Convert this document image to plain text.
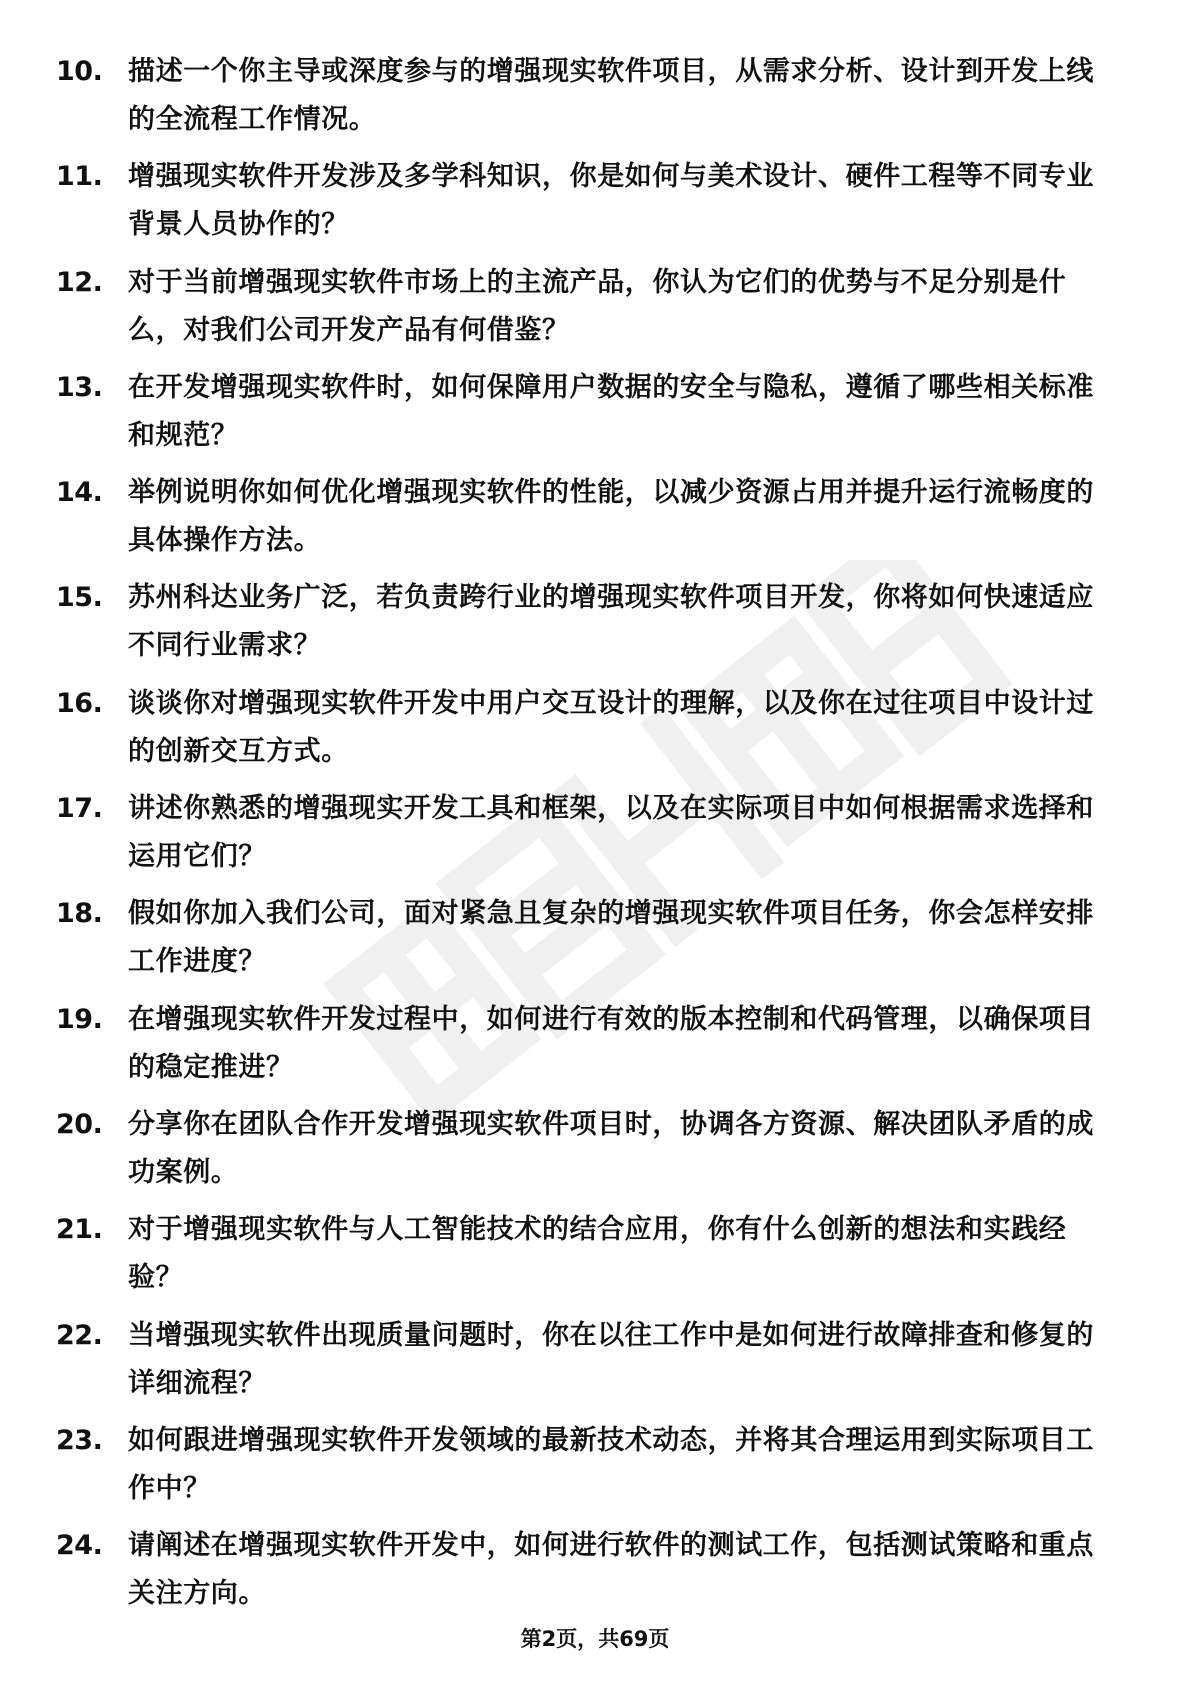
10. 描述一个你主导或深度参与的增强现实软件项目，从需求分析、设计到开发上线的全流程工作情况。
11. 增强现实软件开发涉及多学科知识，你是如何与美术设计、硬件工程等不同专业背景人员协作的？
12. 对于当前增强现实软件市场上的主流产品，你认为它们的优势与不足分别是什么，对我们公司开发产品有何借鉴？
13. 在开发增强现实软件时，如何保障用户数据的安全与隐私，遵循了哪些相关标准和规范？
14. 举例说明你如何优化增强现实软件的性能，以减少资源占用并提升运行流畅度的具体操作方法。
15. 苏州科达业务广泛，若负责跨行业的增强现实软件项目开发，你将如何快速适应不同行业需求？
16. 谈谈你对增强现实软件开发中用户交互设计的理解，以及你在过往项目中设计过的创新交互方式。
17. 讲述你熟悉的增强现实开发工具和框架，以及在实际项目中如何根据需求选择和运用它们？
18. 假如你加入我们公司，面对紧急且复杂的增强现实软件项目任务，你会怎样安排工作进度？
19. 在增强现实软件开发过程中，如何进行有效的版本控制和代码管理，以确保项目的稳定推进？
20. 分享你在团队合作开发增强现实软件项目时，协调各方资源、解决团队矛盾的成功案例。
21. 对于增强现实软件与人工智能技术的结合应用，你有什么创新的想法和实践经验？
22. 当增强现实软件出现质量问题时，你在以往工作中是如何进行故障排查和修复的详细流程？
23. 如何跟进增强现实软件开发领域的最新技术动态，并将其合理运用到实际项目工作中？
24. 请阐述在增强现实软件开发中，如何进行软件的测试工作，包括测试策略和重点关注方向。
第2页，共69页
